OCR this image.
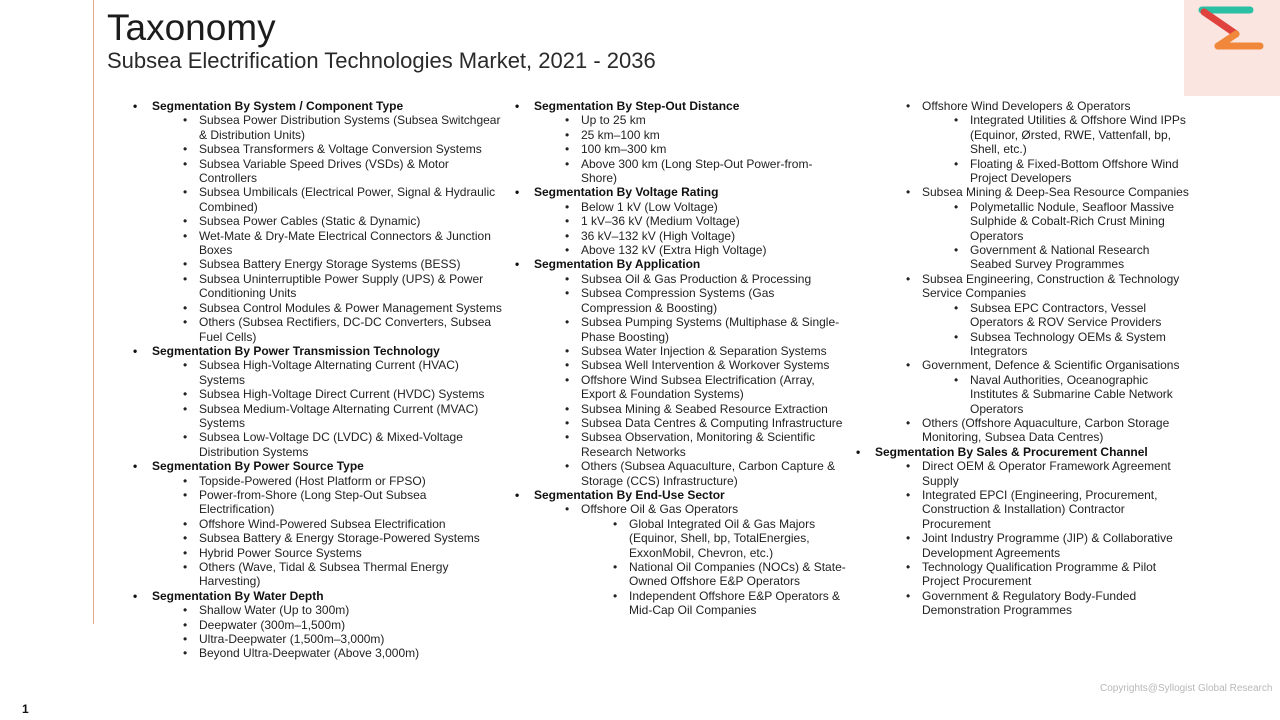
Taxonomy
Subsea Electrification Technologies Market, 2021 - 2036
• Segmentation By System / Component Type
• Subsea Power Distribution Systems (Subsea Switchgear & Distribution Units)
• Subsea Transformers & Voltage Conversion Systems
• Subsea Variable Speed Drives (VSDs) & Motor Controllers
• Subsea Umbilicals (Electrical Power, Signal & Hydraulic Combined)
• Subsea Power Cables (Static & Dynamic)
• Wet-Mate & Dry-Mate Electrical Connectors & Junction Boxes
• Subsea Battery Energy Storage Systems (BESS)
• Subsea Uninterruptible Power Supply (UPS) & Power Conditioning Units
• Subsea Control Modules & Power Management Systems
• Others (Subsea Rectifiers, DC-DC Converters, Subsea Fuel Cells)
• Segmentation By Power Transmission Technology
• Subsea High-Voltage Alternating Current (HVAC) Systems
• Subsea High-Voltage Direct Current (HVDC) Systems
• Subsea Medium-Voltage Alternating Current (MVAC) Systems
• Subsea Low-Voltage DC (LVDC) & Mixed-Voltage Distribution Systems
• Segmentation By Power Source Type
• Topside-Powered (Host Platform or FPSO)
• Power-from-Shore (Long Step-Out Subsea Electrification)
• Offshore Wind-Powered Subsea Electrification
• Subsea Battery & Energy Storage-Powered Systems
• Hybrid Power Source Systems
• Others (Wave, Tidal & Subsea Thermal Energy Harvesting)
• Segmentation By Water Depth
• Shallow Water (Up to 300m)
• Deepwater (300m–1,500m)
• Ultra-Deepwater (1,500m–3,000m)
• Beyond Ultra-Deepwater (Above 3,000m)
• Segmentation By Step-Out Distance
• Up to 25 km
• 25 km–100 km
• 100 km–300 km
• Above 300 km (Long Step-Out Power-from-Shore)
• Segmentation By Voltage Rating
• Below 1 kV (Low Voltage)
• 1 kV–36 kV (Medium Voltage)
• 36 kV–132 kV (High Voltage)
• Above 132 kV (Extra High Voltage)
• Segmentation By Application
• Subsea Oil & Gas Production & Processing
• Subsea Compression Systems (Gas Compression & Boosting)
• Subsea Pumping Systems (Multiphase & Single-Phase Boosting)
• Subsea Water Injection & Separation Systems
• Subsea Well Intervention & Workover Systems
• Offshore Wind Subsea Electrification (Array, Export & Foundation Systems)
• Subsea Mining & Seabed Resource Extraction
• Subsea Data Centres & Computing Infrastructure
• Subsea Observation, Monitoring & Scientific Research Networks
• Others (Subsea Aquaculture, Carbon Capture & Storage (CCS) Infrastructure)
• Segmentation By End-Use Sector
• Offshore Oil & Gas Operators
• Global Integrated Oil & Gas Majors (Equinor, Shell, bp, TotalEnergies, ExxonMobil, Chevron, etc.)
• National Oil Companies (NOCs) & State-Owned Offshore E&P Operators
• Independent Offshore E&P Operators & Mid-Cap Oil Companies
• Offshore Wind Developers & Operators
• Integrated Utilities & Offshore Wind IPPs (Equinor, Ørsted, RWE, Vattenfall, bp, Shell, etc.)
• Floating & Fixed-Bottom Offshore Wind Project Developers
• Subsea Mining & Deep-Sea Resource Companies
• Polymetallic Nodule, Seafloor Massive Sulphide & Cobalt-Rich Crust Mining Operators
• Government & National Research Seabed Survey Programmes
• Subsea Engineering, Construction & Technology Service Companies
• Subsea EPC Contractors, Vessel Operators & ROV Service Providers
• Subsea Technology OEMs & System Integrators
• Government, Defence & Scientific Organisations
• Naval Authorities, Oceanographic Institutes & Submarine Cable Network Operators
• Others (Offshore Aquaculture, Carbon Storage Monitoring, Subsea Data Centres)
• Segmentation By Sales & Procurement Channel
• Direct OEM & Operator Framework Agreement Supply
• Integrated EPCI (Engineering, Procurement, Construction & Installation) Contractor Procurement
• Joint Industry Programme (JIP) & Collaborative Development Agreements
• Technology Qualification Programme & Pilot Project Procurement
• Government & Regulatory Body-Funded Demonstration Programmes
1
Copyrights@Syllogist Global Research
